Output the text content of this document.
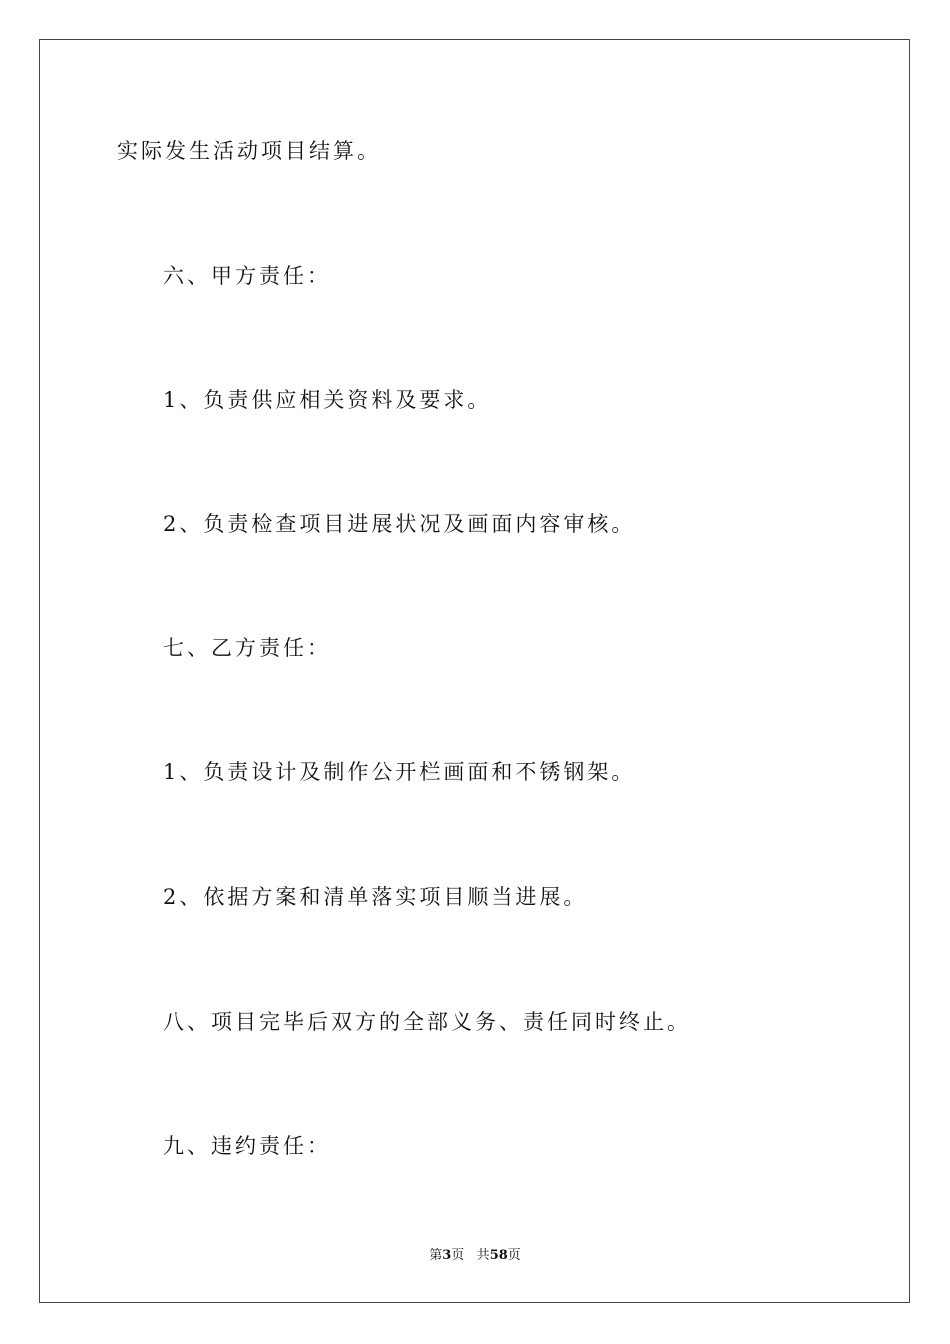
实际发生活动项目结算。
六、甲方责任：
1、负责供应相关资料及要求。
2、负责检查项目进展状况及画面内容审核。
七、乙方责任：
1、负责设计及制作公开栏画面和不锈钢架。
2、依据方案和清单落实项目顺当进展。
八、项目完毕后双方的全部义务、责任同时终止。
九、违约责任：
第3页 共58页
